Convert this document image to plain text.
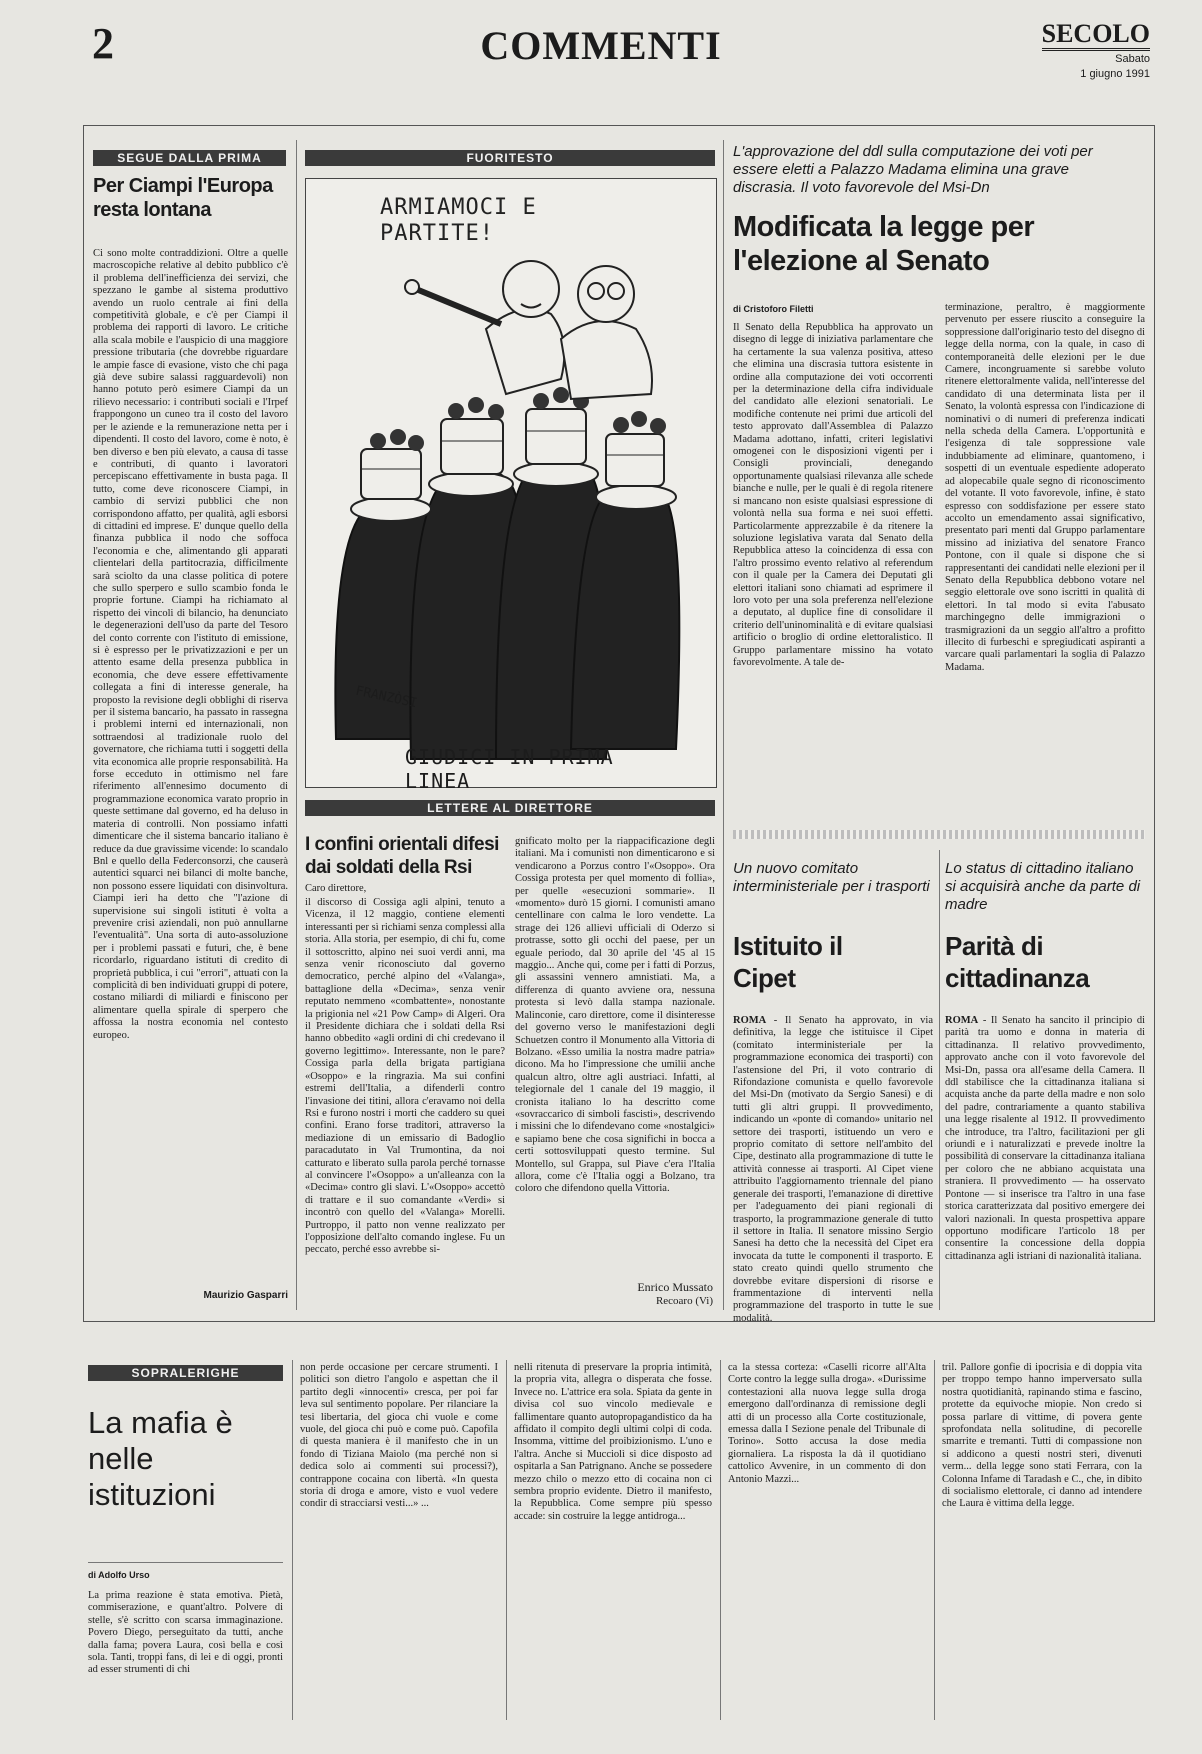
2	COMMENTI	SECOLO
Sabato
1 giugno 1991
SEGUE DALLA PRIMA
Per Ciampi l'Europa resta lontana
Ci sono molte contraddizioni. Oltre a quelle macroscopiche relative al debito pubblico c'è il problema dell'inefficienza dei servizi, che spezzano le gambe al sistema produttivo avendo un ruolo centrale ai fini della competitività globale, e c'è per Ciampi il problema dei rapporti di lavoro. Le critiche alla scala mobile e l'auspicio di una maggiore pressione tributaria (che dovrebbe riguardare le ampie fasce di evasione, visto che chi paga già deve subire salassi ragguardevoli) non hanno potuto però esimere Ciampi da un rilievo necessario: i contributi sociali e l'Irpef frappongono un cuneo tra il costo del lavoro per le aziende e la remunerazione netta per i dipendenti. Il costo del lavoro, come è noto, è ben diverso e ben più elevato, a causa di tasse e contributi, di quanto i lavoratori percepiscano effettivamente in busta paga. Il tutto, come deve riconoscere Ciampi, in cambio di servizi pubblici che non corrispondono affatto, per qualità, agli esborsi di cittadini ed imprese. E' dunque quello della finanza pubblica il nodo che soffoca l'economia e che, alimentando gli apparati clientelari della partitocrazia, difficilmente sarà sciolto da una classe politica di potere che sullo sperpero e sullo scambio fonda le proprie fortune. Ciampi ha richiamato al rispetto dei vincoli di bilancio, ha denunciato le degenerazioni dell'uso da parte del Tesoro del conto corrente con l'istituto di emissione, si è espresso per le privatizzazioni e per un attento esame della presenza pubblica in economia, che deve essere effettivamente collegata a fini di interesse generale, ha proposto la revisione degli obblighi di riserva per il sistema bancario, ha passato in rassegna i problemi interni ed internazionali, non sottraendosi al tradizionale ruolo del governatore, che richiama tutti i soggetti della vita economica alle proprie responsabilità. Ha forse ecceduto in ottimismo nel fare riferimento all'ennesimo documento di programmazione economica varato proprio in queste settimane dal governo, ed ha deluso in materia di controlli. Non possiamo infatti dimenticare che il sistema bancario italiano è reduce da due gravissime vicende: lo scandalo Bnl e quello della Federconsorzi, che causerà autentici squarci nei bilanci di molte banche, non possono essere liquidati con disinvoltura. Ciampi ieri ha detto che "l'azione di supervisione sui singoli istituti è volta a prevenire crisi aziendali, non può annullarne l'eventualità". Una sorta di auto-assoluzione per i problemi passati e futuri, che, è bene ricordarlo, riguardano istituti di credito di proprietà pubblica, i cui "errori", attuati con la complicità di ben individuati gruppi di potere, costano miliardi di miliardi e finiscono per alimentare quella spirale di sperpero che affossa la nostra economia nel contesto europeo.
Maurizio Gasparri
FUORITESTO
ARMIAMOCI E PARTITE!
FRANZÒSI
GIUDICI IN PRIMA LINEA
LETTERE AL DIRETTORE
I confini orientali difesi dai soldati della Rsi
Caro direttore,
il discorso di Cossiga agli alpini, tenuto a Vicenza, il 12 maggio, contiene elementi interessanti per sì richiami senza complessi alla storia. Alla storia, per esempio, di chi fu, come il sottoscritto, alpino nei suoi verdi anni, ma senza venir riconosciuto dal governo democratico, perché alpino del «Valanga», battaglione della «Decima», senza venir reputato nemmeno «combattente», nonostante la prigionia nel «21 Pow Camp» di Algeri. Ora il Presidente dichiara che i soldati della Rsi hanno obbedito «agli ordini di chi credevano il governo legittimo». Interessante, non le pare? Cossiga parla della brigata partigiana «Osoppo» e la ringrazia. Ma sui confini estremi dell'Italia, a difenderli contro l'invasione dei titini, allora c'eravamo noi della Rsi e furono nostri i morti che caddero su quei confini. Erano forse traditori, attraverso la mediazione di un emissario di Badoglio paracadutato in Val Trumontina, da noi catturato e liberato sulla parola perché tornasse al convincere l'«Osoppo» a un'alleanza con la «Decima» contro gli slavi. L'«Osoppo» accettò di trattare e il suo comandante «Verdi» si incontrò con quello del «Valanga» Morelli. Purtroppo, il patto non venne realizzato per l'opposizione dell'alto comando inglese. Fu un peccato, perché esso avrebbe si-
gnificato molto per la riappacificazione degli italiani. Ma i comunisti non dimenticarono e si vendicarono a Porzus contro l'«Osoppo». Ora Cossiga protesta per quel momento di follia», per quelle «esecuzioni sommarie». Il «momento» durò 15 giorni. I comunisti amano centellinare con calma le loro vendette. La strage dei 126 allievi ufficiali di Oderzo si protrasse, sotto gli occhi del paese, per un eguale periodo, dal 30 aprile del '45 al 15 maggio... Anche qui, come per i fatti di Porzus, gli assassini vennero amnistiati. Ma, a differenza di quanto avviene ora, nessuna protesta si levò dalla stampa nazionale. Malinconie, caro direttore, come il disinteresse del governo verso le manifestazioni degli Schuetzen contro il Monumento alla Vittoria di Bolzano. «Esso umilia la nostra madre patria» dicono. Ma ho l'impressione che umilii anche qualcun altro, oltre agli austriaci. Infatti, al telegiornale del 1 canale del 19 maggio, il cronista italiano lo ha descritto come «sovraccarico di simboli fascisti», descrivendo i missini che lo difendevano come «nostalgici» e sapiamo bene che cosa significhi in bocca a certi sottosviluppati questo termine. Sul Montello, sul Grappa, sul Piave c'era l'Italia allora, come c'è l'Italia oggi a Bolzano, tra coloro che difendono quella Vittoria.
Enrico Mussato
Recoaro (Vi)
L'approvazione del ddl sulla computazione dei voti per essere eletti a Palazzo Madama elimina una grave discrasia. Il voto favorevole del Msi-Dn
Modificata la legge per l'elezione al Senato
di Cristoforo Filetti
Il Senato della Repubblica ha approvato un disegno di legge di iniziativa parlamentare che ha certamente la sua valenza positiva, atteso che elimina una discrasia tuttora esistente in ordine alla computazione dei voti occorrenti per la determinazione della cifra individuale del candidato alle elezioni senatoriali. Le modifiche contenute nei primi due articoli del testo approvato dall'Assemblea di Palazzo Madama adottano, infatti, criteri legislativi omogenei con le disposizioni vigenti per i Consigli provinciali, denegando opportunamente qualsiasi rilevanza alle schede bianche e nulle, per le quali è di regola ritenere si mancano non esiste qualsiasi espressione di volontà nella sua forma e nei suoi effetti. Particolarmente apprezzabile è da ritenere la soluzione legislativa varata dal Senato della Repubblica atteso la coincidenza di essa con l'altro prossimo evento relativo al referendum con il quale per la Camera dei Deputati gli elettori italiani sono chiamati ad esprimere il loro voto per una sola preferenza nell'elezione a deputato, al duplice fine di consolidare il criterio dell'uninominalità e di evitare qualsiasi artificio o broglio di ordine elettoralistico. Il Gruppo parlamentare missino ha votato favorevolmente. A tale de-
terminazione, peraltro, è maggiormente pervenuto per essere riuscito a conseguire la soppressione dall'originario testo del disegno di legge della norma, con la quale, in caso di contemporaneità delle elezioni per le due Camere, incongruamente si sarebbe voluto ritenere elettoralmente valida, nell'interesse del candidato di una determinata lista per il Senato, la volontà espressa con l'indicazione di nominativi o di numeri di preferenza indicati nella scheda della Camera. L'opportunità e l'esigenza di tale soppressione vale indubbiamente ad eliminare, quantomeno, i sospetti di un eventuale espediente adoperato ad alopecabile quale segno di riconoscimento del votante. Il voto favorevole, infine, è stato espresso con soddisfazione per essere stato accolto un emendamento assai significativo, presentato pari menti dal Gruppo parlamentare missino ad iniziativa del senatore Franco Pontone, con il quale si dispone che si rappresentanti dei candidati nelle elezioni per il Senato della Repubblica debbono votare nel seggio elettorale ove sono iscritti in qualità di elettori. In tal modo si evita l'abusato marchingegno delle immigrazioni o trasmigrazioni da un seggio all'altro a profitto illecito di furbeschi e spregiudicati aspiranti a varcare quali parlamentari la soglia di Palazzo Madama.
Un nuovo comitato interministeriale per i trasporti
Istituito il Cipet
ROMA - Il Senato ha approvato, in via definitiva, la legge che istituisce il Cipet (comitato interministeriale per la programmazione economica dei trasporti) con l'astensione del Pri, il voto contrario di Rifondazione comunista e quello favorevole del Msi-Dn (motivato da Sergio Sanesi) e di tutti gli altri gruppi. Il provvedimento, indicando un «ponte di comando» unitario nel settore dei trasporti, istituendo un vero e proprio comitato di settore nell'ambito del Cipe, destinato alla programmazione di tutte le attività connesse ai trasporti. Al Cipet viene attribuito l'aggiornamento triennale del piano generale dei trasporti, l'emanazione di direttive per l'adeguamento dei piani regionali di trasporto, la programmazione generale di tutto il settore in Italia. Il senatore missino Sergio Sanesi ha detto che la necessità del Cipet era invocata da tutte le componenti il trasporto. E stato creato quindi quello strumento che dovrebbe evitare dispersioni di risorse e frammentazione di interventi nella programmazione del trasporto in tutte le sue modalità.
Lo status di cittadino italiano si acquisirà anche da parte di madre
Parità di cittadinanza
ROMA - Il Senato ha sancito il principio di parità tra uomo e donna in materia di cittadinanza. Il relativo provvedimento, approvato anche con il voto favorevole del Msi-Dn, passa ora all'esame della Camera. Il ddl stabilisce che la cittadinanza italiana si acquista anche da parte della madre e non solo del padre, contrariamente a quanto stabiliva una legge risalente al 1912. Il provvedimento che introduce, tra l'altro, facilitazioni per gli oriundi e i naturalizzati e prevede inoltre la possibilità di conservare la cittadinanza italiana per coloro che ne abbiano acquistata una straniera. Il provvedimento — ha osservato Pontone — si inserisce tra l'altro in una fase storica caratterizzata dal positivo emergere dei valori nazionali. In questa prospettiva appare opportuno modificare l'articolo 18 per consentire la concessione della doppia cittadinanza agli istriani di nazionalità italiana.
SOPRALERIGHE
La mafia è nelle istituzioni
di Adolfo Urso
La prima reazione è stata emotiva. Pietà, commiserazione, e quant'altro. Polvere di stelle, s'è scritto con scarsa immaginazione. Povero Diego, perseguitato da tutti, anche dalla fama; povera Laura, così bella e così sola. Tanti, troppi fans, di lei e di oggi, pronti ad esser strumenti di chi
non perde occasione per cercare strumenti. I politici son dietro l'angolo e aspettan che il partito degli «innocenti» cresca, per poi far leva sul sentimento popolare. Per rilanciare la tesi libertaria, del gioca chi vuole e come vuole, del gioca chi può e come può. Capofila di questa maniera è il manifesto che in un fondo di Tiziana Maiolo (ma perché non si dedica solo ai commenti sui processi?), contrappone cocaina con libertà. «In questa storia di droga e amore, visto e vuol vedere condir di stracciarsi vesti...» ...
nelli ritenuta di preservare la propria intimità, la propria vita, allegra o disperata che fosse. Invece no. L'attrice era sola. Spiata da gente in divisa col suo vincolo medievale e fallimentare quanto autopropagandistico da ha affidato il compito degli ultimi colpi di coda. Insomma, vittime del proibizionismo. L'uno e l'altra. Anche si Mucciolì si dice disposto ad ospitarla a San Patrignano. Anche se possedere mezzo chilo o mezzo etto di cocaina non ci sembra proprio evidente. Dietro il manifesto, la Repubblica. Come sempre più spesso accade: sin costruire la legge antidroga...
ca la stessa corteza: «Caselli ricorre all'Alta Corte contro la legge sulla droga». «Durissime contestazioni alla nuova legge sulla droga emergono dall'ordinanza di remissione degli atti di un processo alla Corte costituzionale, emessa dalla I Sezione penale del Tribunale di Torino». Sotto accusa la dose media giornaliera. La risposta la dà il quotidiano cattolico Avvenire, in un commento di don Antonio Mazzi...
tril. Pallore gonfie di ipocrisia e di doppia vita per troppo tempo hanno imperversato sulla nostra quotidianità, rapinando stima e fascino, protette da equivoche miopie. Non credo si possa parlare di vittime, di povera gente sprofondata nella solitudine, di pecorelle smarrite e tremanti. Tutti di compassione non si addicono a questi nostri sterì, divenuti verm... della legge sono stati Ferrara, con la Colonna Infame di Taradash e C., che, in dibito di socialismo elettorale, ci danno ad intendere che Laura è vittima della legge.
